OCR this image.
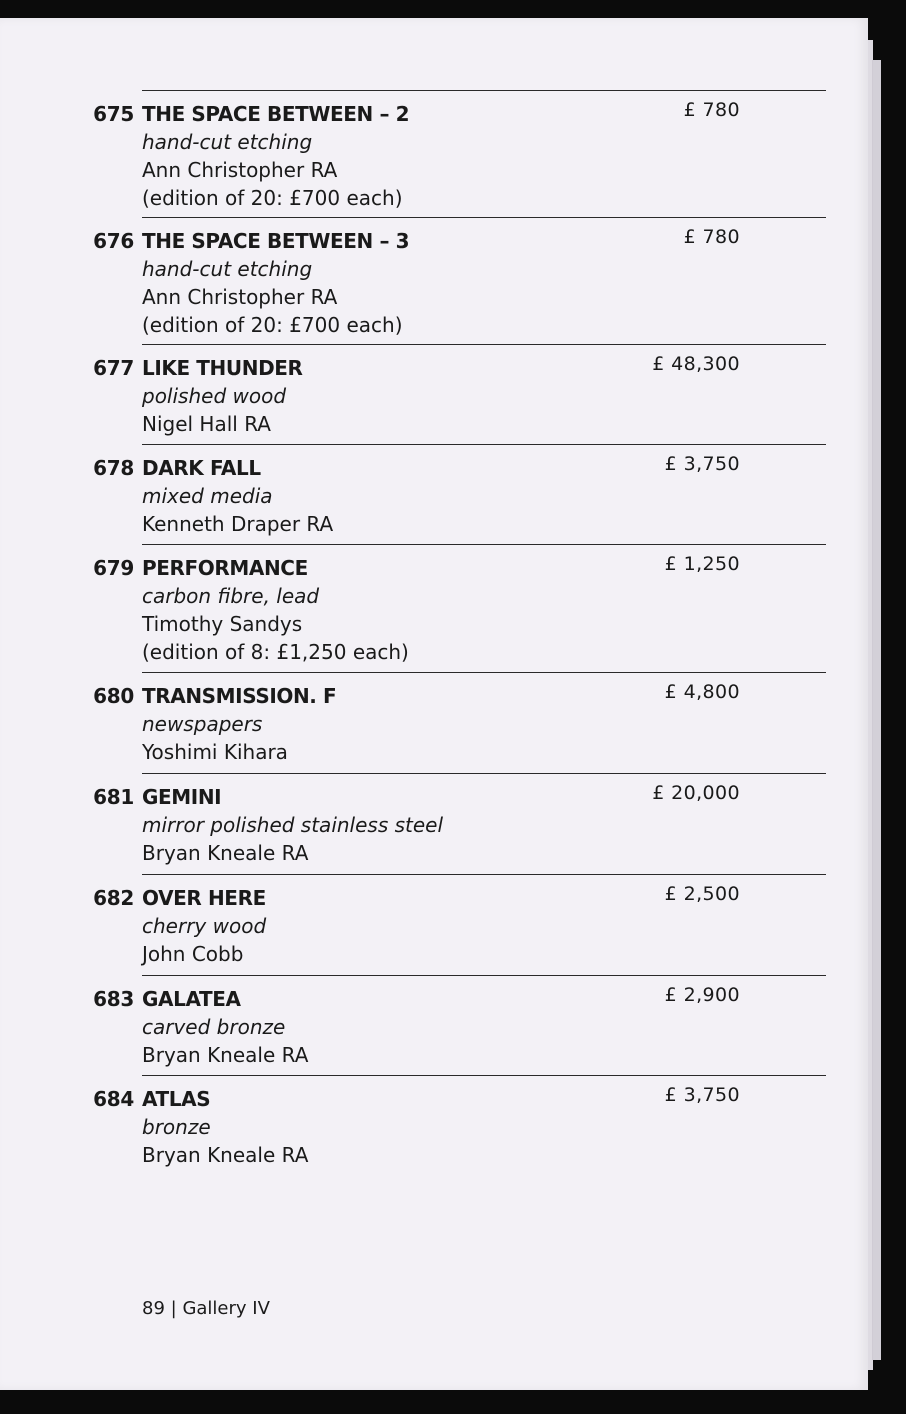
675 THE SPACE BETWEEN – 2
hand-cut etching
Ann Christopher RA
(edition of 20: £700 each)
£ 780
676 THE SPACE BETWEEN – 3
hand-cut etching
Ann Christopher RA
(edition of 20: £700 each)
£ 780
677 LIKE THUNDER
polished wood
Nigel Hall RA
£ 48,300
678 DARK FALL
mixed media
Kenneth Draper RA
£ 3,750
679 PERFORMANCE
carbon fibre, lead
Timothy Sandys
(edition of 8: £1,250 each)
£ 1,250
680 TRANSMISSION. F
newspapers
Yoshimi Kihara
£ 4,800
681 GEMINI
mirror polished stainless steel
Bryan Kneale RA
£ 20,000
682 OVER HERE
cherry wood
John Cobb
£ 2,500
683 GALATEA
carved bronze
Bryan Kneale RA
£ 2,900
684 ATLAS
bronze
Bryan Kneale RA
£ 3,750
89 | Gallery IV
